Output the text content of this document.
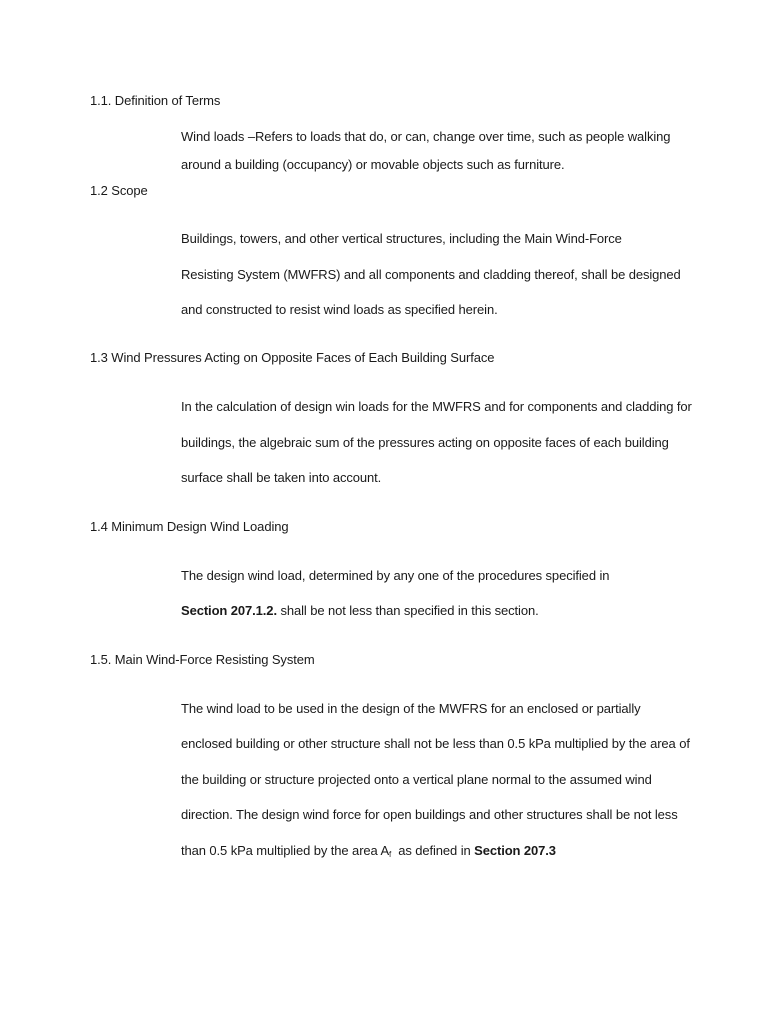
1.1. Definition of Terms

Wind loads –Refers to loads that do, or can, change over time, such as people walking
around a building (occupancy) or movable objects such as furniture.

1.2 Scope

Buildings, towers, and other vertical structures, including the Main Wind-Force
Resisting System (MWFRS) and all components and cladding thereof, shall be designed
and constructed to resist wind loads as specified herein.

1.3 Wind Pressures Acting on Opposite Faces of Each Building Surface

In the calculation of design win loads for the MWFRS and for components and cladding for
buildings, the algebraic sum of the pressures acting on opposite faces of each building
surface shall be taken into account.

1.4 Minimum Design Wind Loading

The design wind load, determined by any one of the procedures specified in
Section 207.1.2. shall be not less than specified in this section.

1.5. Main Wind-Force Resisting System

The wind load to be used in the design of the MWFRS for an enclosed or partially
enclosed building or other structure shall not be less than 0.5 kPa multiplied by the area of
the building or structure projected onto a vertical plane normal to the assumed wind
direction. The design wind force for open buildings and other structures shall be not less
than 0.5 kPa multiplied by the area $A_f$  as defined in Section 207.3
